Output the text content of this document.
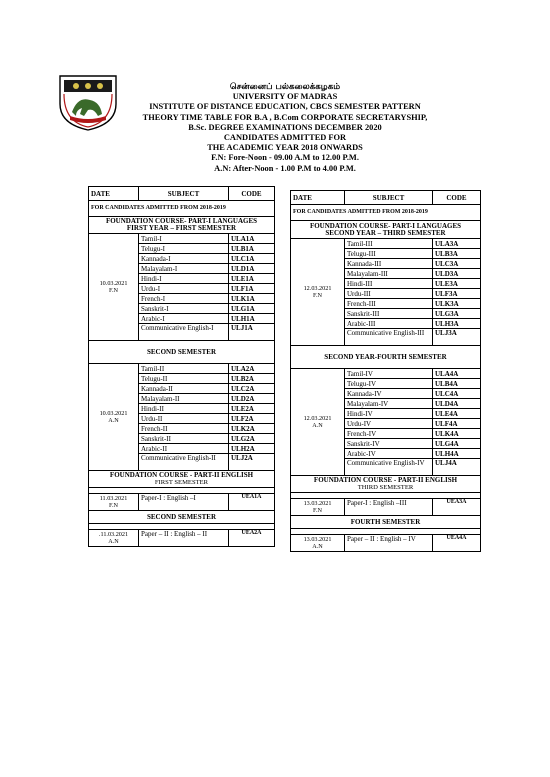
சென்னைப் பல்கலைக்கழகம்
UNIVERSITY OF MADRAS
INSTITUTE OF DISTANCE EDUCATION, CBCS SEMESTER PATTERN
THEORY TIME TABLE FOR B.A , B.Com CORPORATE SECRETARYSHIP,
B.Sc. DEGREE EXAMINATIONS DECEMBER 2020
CANDIDATES ADMITTED FOR
THE ACADEMIC YEAR 2018 ONWARDS
F.N: Fore-Noon - 09.00 A.M to 12.00 P.M.
A.N: After-Noon - 1.00 P.M to 4.00 P.M.
DATE	SUBJECT	CODE
FOR CANDIDATES ADMITTED FROM 2018-2019		

FOUNDATION COURSE- PART-I LANGUAGES
FIRST YEAR – FIRST SEMESTER		

10.03.2021
F.N	Tamil-I	ULA1A
	Telugu-I	ULB1A
	Kannada-I	ULC1A
	Malayalam-I	ULD1A
	Hindi-I	ULE1A
	Urdu-I	ULF1A
	French-I	ULK1A
	Sanskrit-I	ULG1A
	Arabic-I	ULH1A
	Communicative English-I	ULJ1A
SECOND SEMESTER		

10.03.2021
A.N	Tamil-II	ULA2A
	Telugu-II	ULB2A
	Kannada-II	ULC2A
	Malayalam-II	ULD2A
	Hindi-II	ULE2A
	Urdu-II	ULF2A
	French-II	ULK2A
	Sanskrit-II	ULG2A
	Arabic-II	ULH2A
	Communicative English-II	ULJ2A

FOUNDATION COURSE - PART-II ENGLISH
FIRST SEMESTER		

11.03.2021
F.N	Paper-I : English –I	UEA1A
SECOND SEMESTER		

.11.03.2021
A.N	Paper – II : English – II	UEA2A
DATE	SUBJECT	CODE
FOR CANDIDATES ADMITTED FROM 2018-2019		

FOUNDATION COURSE- PART-I LANGUAGES
SECOND YEAR – THIRD SEMESTER		

12.03.2021
F.N	Tamil-III	ULA3A
	Telugu-III	ULB3A
	Kannada-III	ULC3A
	Malayalam-III	ULD3A
	Hindi-III	ULE3A
	Urdu-III	ULF3A
	French-III	ULK3A
	Sanskrit-III	ULG3A
	Arabic-III	ULH3A
	Communicative English-III	ULJ3A
SECOND YEAR-FOURTH SEMESTER		

12.03.2021
A.N	Tamil-IV	ULA4A
	Telugu-IV	ULB4A
	Kannada-IV	ULC4A
	Malayalam-IV	ULD4A
	Hindi-IV	ULE4A
	Urdu-IV	ULF4A
	French-IV	ULK4A
	Sanskrit-IV	ULG4A
	Arabic-IV	ULH4A
	Communicative English-IV	ULJ4A

FOUNDATION COURSE - PART-II ENGLISH
THIRD SEMESTER		

13.03.2021
F.N	Paper-I : English –III	UEA3A
FOURTH SEMESTER		

13.03.2021
A.N	Paper – II : English – IV	UEA4A
